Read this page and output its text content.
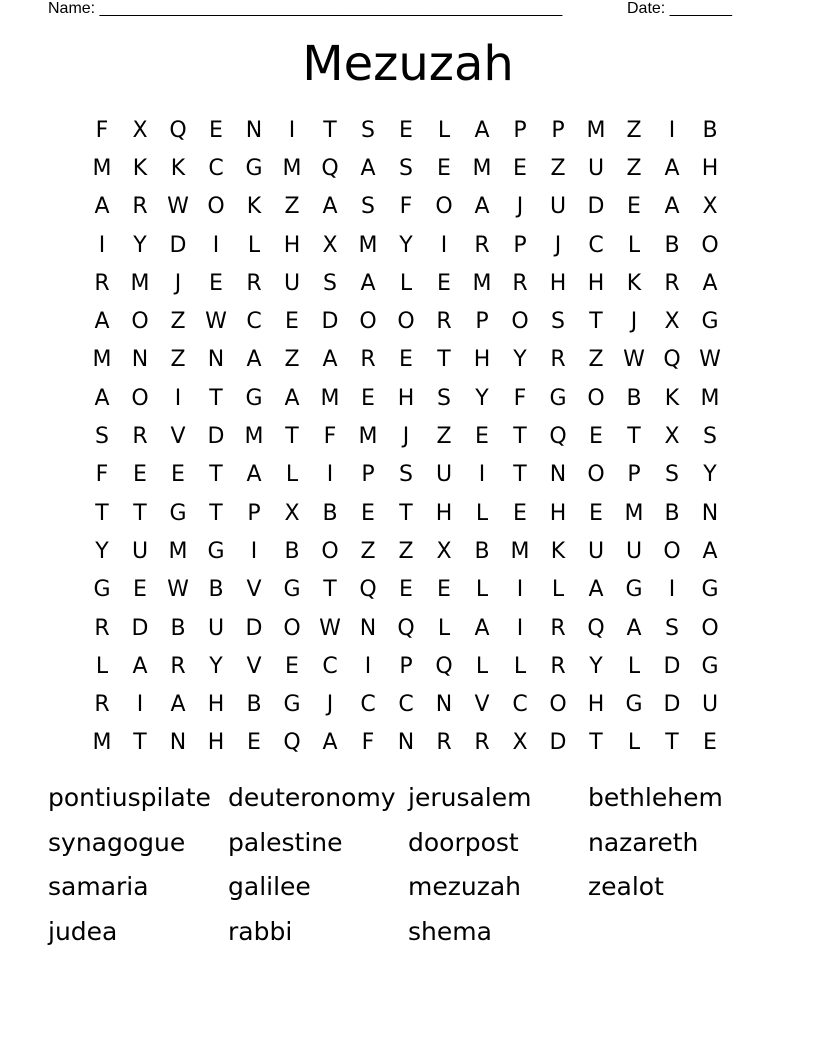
Name: ____________________________________________________	Date: _______
Mezuzah
F	X Q	E	N	I	T	S	E	L	A	P	P M Z	I	B
M K	K	C G M Q A	S	E M E	Z	U	Z	A	H
A	R W O	K	Z	A	S	F	O A	J	U D	E	A	X
I	Y	D	I	L	H	X M Y	I	R	P	J	C	L	B O
R M	J	E	R	U	S	A	L	E M R	H H	K	R	A
A O Z W C	E	D O O R	P	O	S	T	J	X G
M N	Z	N	A	Z	A	R	E	T	H	Y	R	Z W Q W
A O	I	T	G A M E	H	S	Y	F	G O B	K M
S	R	V D M T	F	M	J	Z	E	T	Q	E	T	X	S
F	E	E	T	A	L	I	P	S	U	I	T	N O	P	S	Y
T	T	G	T	P	X	B	E	T	H	L	E	H	E M B	N
Y	U M G	I	B O Z	Z	X	B M K	U U O A
G	E W B	V G	T	Q	E	E	L	I	L	A G	I	G
R D B	U D O W N Q	L	A	I	R Q A	S	O
L	A	R	Y	V	E	C	I	P	Q	L	L	R	Y	L	D G
R	I	A	H	B G	J	C	C	N	V	C O H G D U
M T	N H	E	Q A	F	N	R	R	X D	T	L	T	E
pontiuspilate deuteronomy jerusalem	bethlehem
synagogue	palestine	doorpost	nazareth
samaria	galilee	mezuzah	zealot
judea	rabbi	shema
